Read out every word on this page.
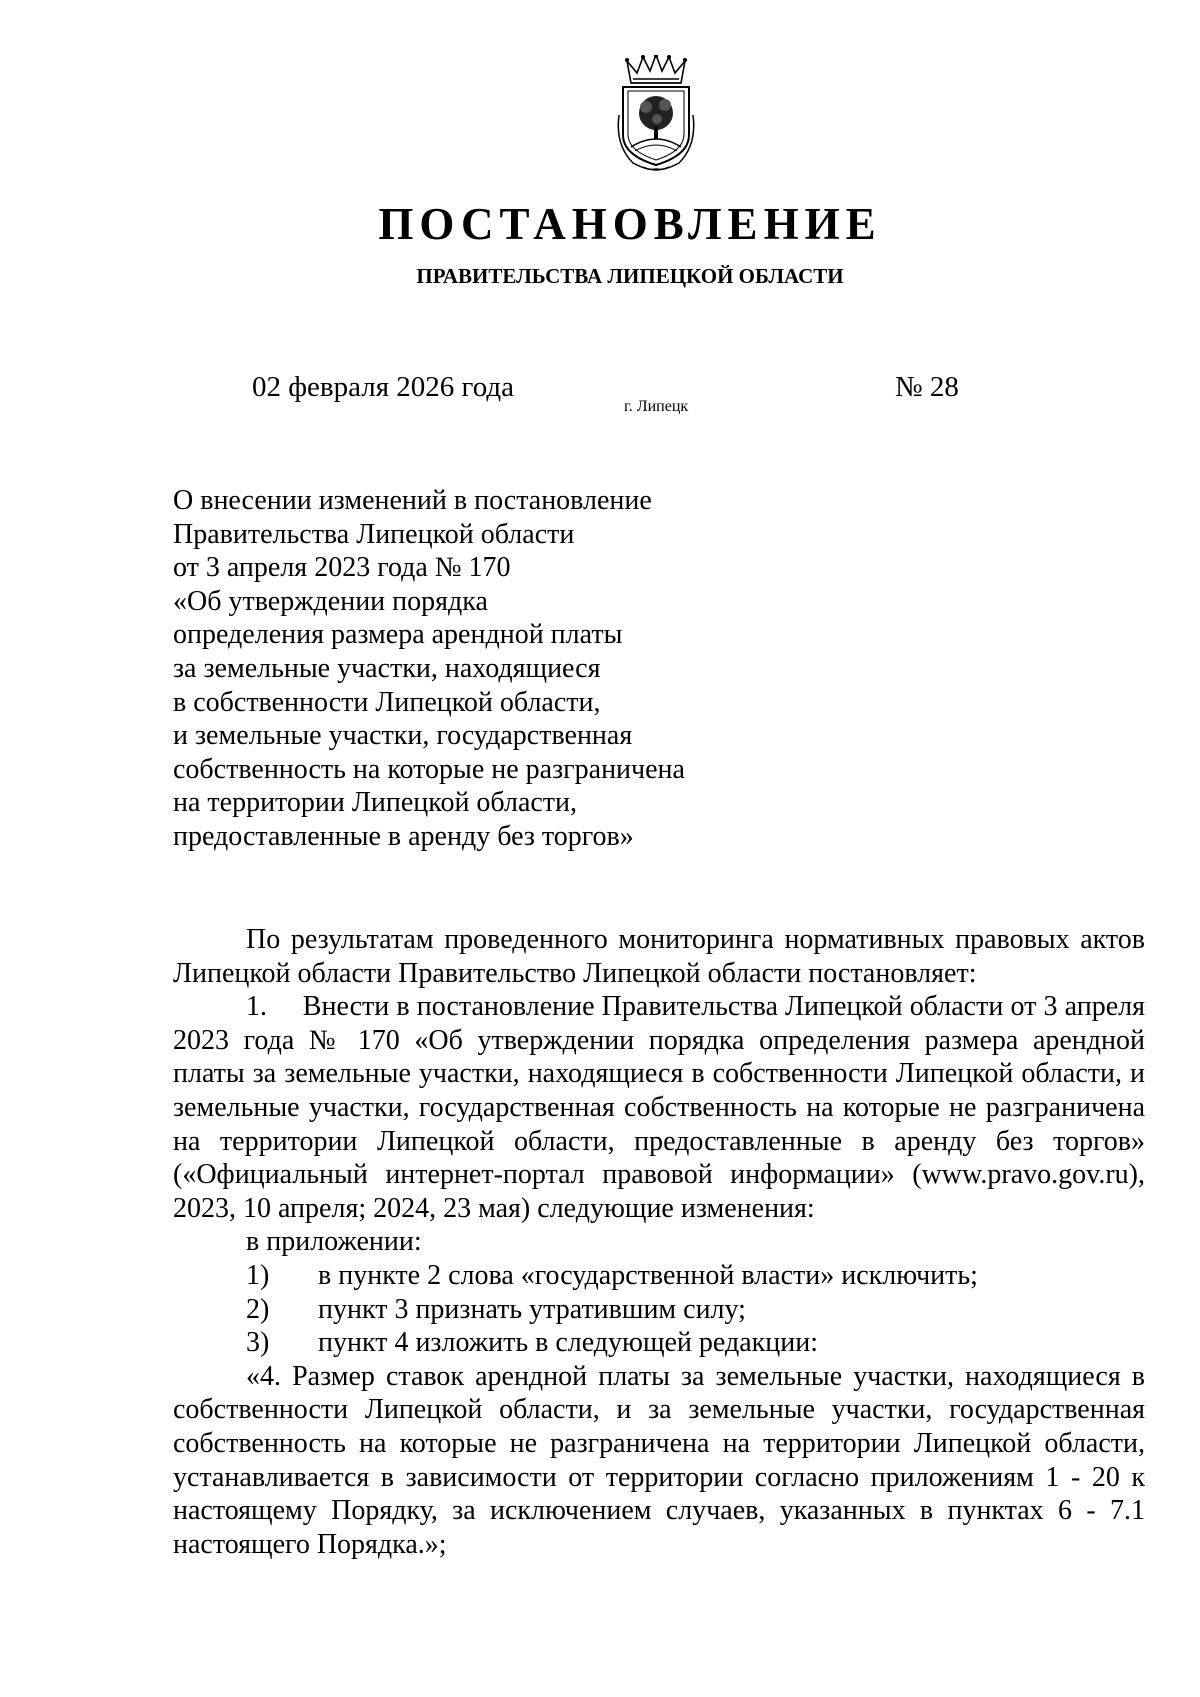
ПОСТАНОВЛЕНИЕ
ПРАВИТЕЛЬСТВА ЛИПЕЦКОЙ ОБЛАСТИ
02 февраля 2026 года
г. Липецк
№ 28
О внесении изменений в постановление
Правительства Липецкой области
от 3 апреля 2023 года № 170
«Об утверждении порядка
определения размера арендной платы
за земельные участки, находящиеся
в собственности Липецкой области,
и земельные участки, государственная
собственность на которые не разграничена
на территории Липецкой области,
предоставленные в аренду без торгов»

По результатам проведенного мониторинга нормативных правовых актов Липецкой области Правительство Липецкой области постановляет:

1.     Внести в постановление Правительства Липецкой области от 3 апреля 2023 года № 170 «Об утверждении порядка определения размера арендной платы за земельные участки, находящиеся в собственности Липецкой области, и земельные участки, государственная собственность на которые не разграничена на территории Липецкой области, предоставленные в аренду без торгов» («Официальный интернет-портал правовой информации» (www.pravo.gov.ru), 2023, 10 апреля; 2024, 23 мая) следующие изменения:

в приложении:

1)	в пункте 2 слова «государственной власти» исключить;
2)	пункт 3 признать утратившим силу;
3)	пункт 4 изложить в следующей редакции:

«4. Размер ставок арендной платы за земельные участки, находящиеся в собственности Липецкой области, и за земельные участки, государственная собственность на которые не разграничена на территории Липецкой области, устанавливается в зависимости от территории согласно приложениям 1 - 20 к настоящему Порядку, за исключением случаев, указанных в пунктах 6 - 7.1 настоящего Порядка.»;
